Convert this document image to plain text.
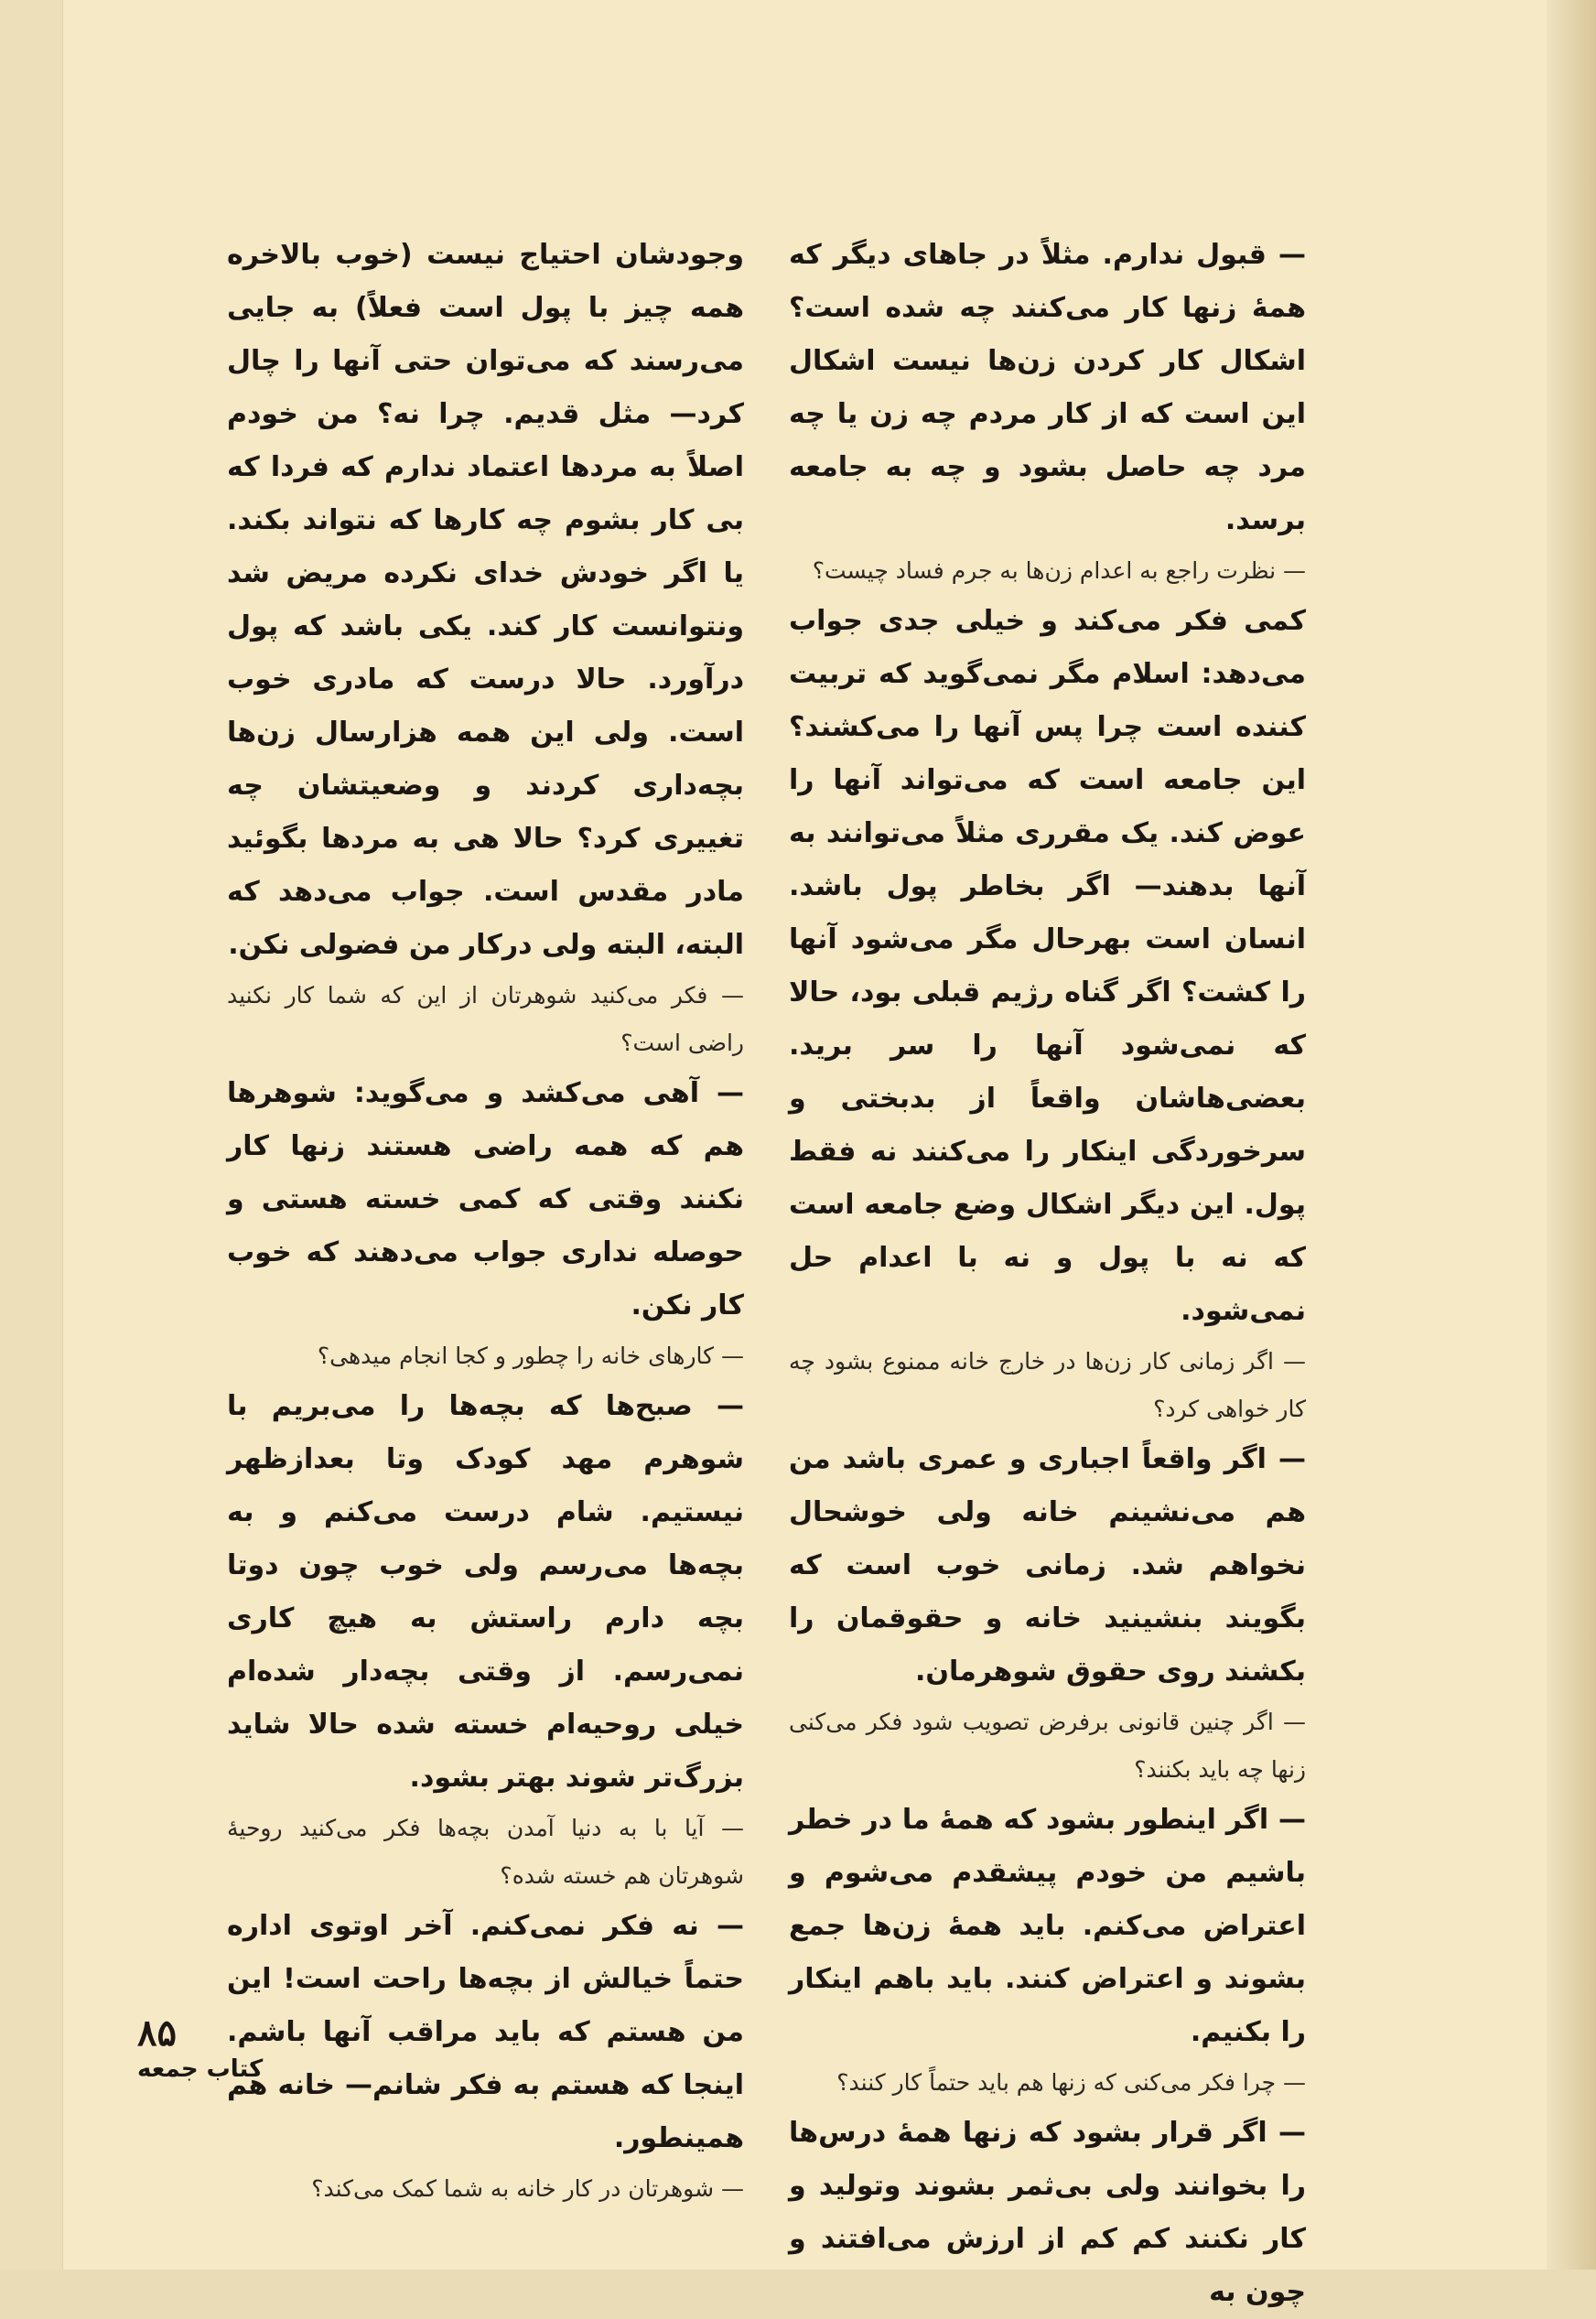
— قبول ندارم. مثلاً در جاهای دیگر که همهٔ زنها کار می‌کنند چه شده است؟ اشکال کار کردن زن‌ها نیست اشکال این است که از کار مردم چه زن یا چه مرد چه حاصل بشود و چه به جامعه برسد.

— نظرت راجع به اعدام زن‌ها به جرم فساد چیست؟

کمی فکر می‌کند و خیلی جدی جواب می‌دهد: اسلام مگر نمی‌گوید که تربیت کننده است چرا پس آنها را می‌کشند؟ این جامعه است که می‌تواند آنها را عوض کند. یک مقرری مثلاً می‌توانند به آنها بدهند— اگر بخاطر پول باشد. انسان است بهرحال مگر می‌شود آنها را کشت؟ اگر گناه رژیم قبلی بود، حالا که نمی‌شود آنها را سر برید. بعضی‌هاشان واقعاً از بدبختی و سرخوردگی اینکار را می‌کنند نه فقط پول. این دیگر اشکال وضع جامعه است که نه با پول و نه با اعدام حل نمی‌شود.

— اگر زمانی کار زن‌ها در خارج خانه ممنوع بشود چه کار خواهی کرد؟

— اگر واقعاً اجباری و عمری باشد من هم می‌نشینم خانه ولی خوشحال نخواهم شد. زمانی خوب است که بگویند بنشینید خانه و حقوقمان را بکشند روی حقوق شوهرمان.

— اگر چنین قانونی برفرض تصویب شود فکر می‌کنی زنها چه باید بکنند؟

— اگر اینطور بشود که همهٔ ما در خطر باشیم من خودم پیشقدم می‌شوم و اعتراض می‌کنم. باید همهٔ زن‌ها جمع بشوند و اعتراض کنند. باید باهم اینکار را بکنیم.

— چرا فکر می‌کنی که زنها هم باید حتماً کار کنند؟

— اگر قرار بشود که زنها همهٔ درس‌ها را بخوانند ولی بی‌ثمر بشوند وتولید و کار نکنند کم کم از ارزش می‌افتند و چون به

وجودشان احتیاج نیست (خوب بالاخره همه چیز با پول است فعلاً) به جایی می‌رسند که می‌توان حتی آنها را چال کرد— مثل قدیم. چرا نه؟ من خودم اصلاً به مردها اعتماد ندارم که فردا که بی کار بشوم چه کارها که نتواند بکند. یا اگر خودش خدای نکرده مریض شد ونتوانست کار کند. یکی باشد که پول درآورد. حالا درست که مادری خوب است. ولی این همه هزارسال زن‌ها بچه‌داری کردند و وضعیتشان چه تغییری کرد؟ حالا هی به مردها بگوئید مادر مقدس است. جواب می‌دهد که البته، البته ولی درکار من فضولی نکن.

— فکر می‌کنید شوهرتان از این که شما کار نکنید راضی است؟

— آهی می‌کشد و می‌گوید: شوهرها هم که همه راضی هستند زنها کار نکنند وقتی که کمی خسته هستی و حوصله نداری جواب می‌دهند که خوب کار نکن.

— کارهای خانه را چطور و کجا انجام میدهی؟

— صبح‌ها که بچه‌ها را می‌بریم با شوهرم مهد کودک وتا بعدازظهر نیستیم. شام درست می‌کنم و به بچه‌ها می‌رسم ولی خوب چون دوتا بچه دارم راستش به هیچ کاری نمی‌رسم. از وقتی بچه‌دار شده‌ام خیلی روحیه‌ام خسته شده حالا شاید بزرگ‌تر شوند بهتر بشود.

— آیا با به دنیا آمدن بچه‌ها فکر می‌کنید روحیهٔ شوهرتان هم خسته شده؟

— نه فکر نمی‌کنم. آخر اوتوی اداره حتماً خیالش از بچه‌ها راحت است! این من هستم که باید مراقب آنها باشم. اینجا که هستم به فکر شانم— خانه هم همینطور.

— شوهرتان در کار خانه به شما کمک می‌کند؟

۸۵
کتاب جمعه
